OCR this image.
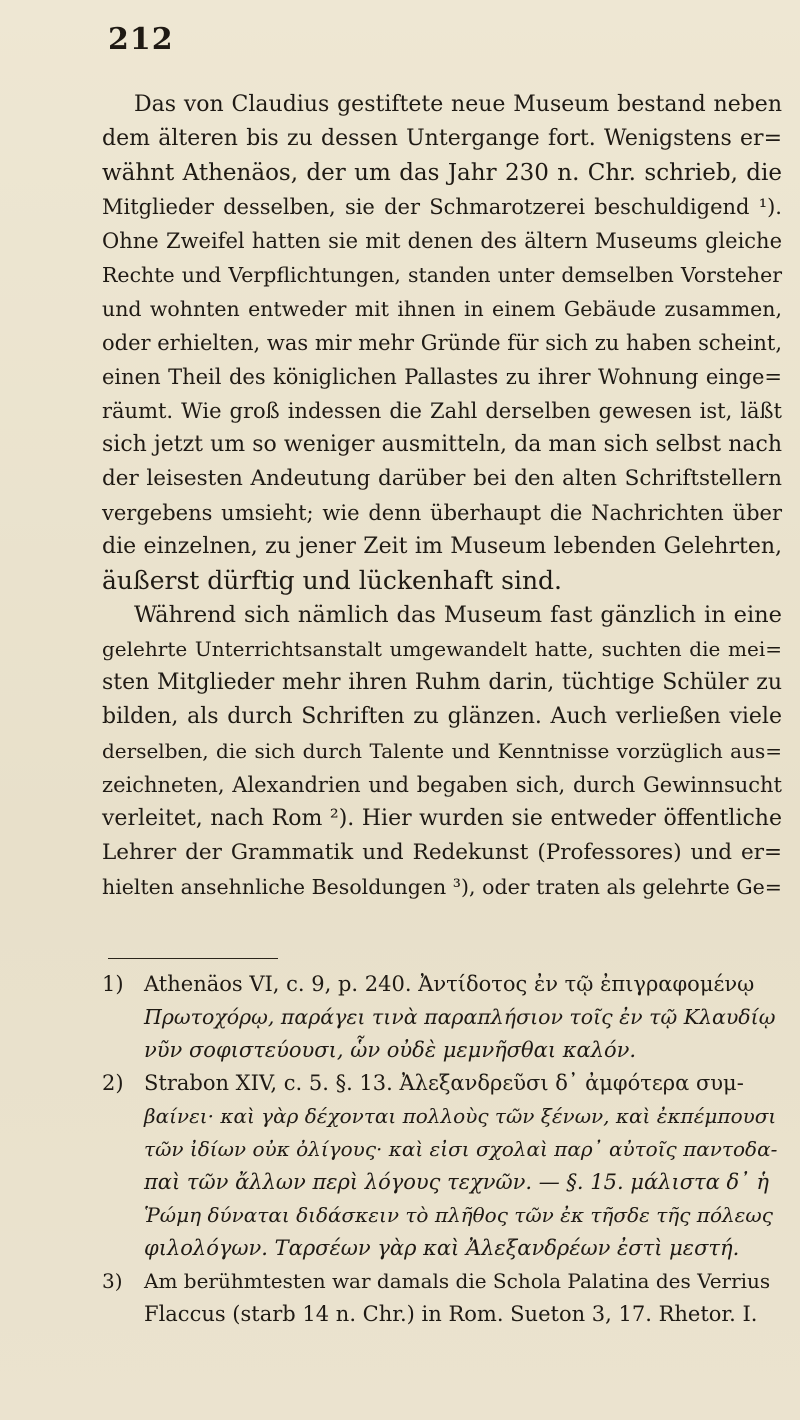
212
Das von Claudius gestiftete neue Museum bestand neben
dem älteren bis zu dessen Untergange fort. Wenigstens er=
wähnt Athenäos, der um das Jahr 230 n. Chr. schrieb, die
Mitglieder desselben, sie der Schmarotzerei beschuldigend ¹).
Ohne Zweifel hatten sie mit denen des ältern Museums gleiche
Rechte und Verpflichtungen, standen unter demselben Vorsteher
und wohnten entweder mit ihnen in einem Gebäude zusammen,
oder erhielten, was mir mehr Gründe für sich zu haben scheint,
einen Theil des königlichen Pallastes zu ihrer Wohnung einge=
räumt. Wie groß indessen die Zahl derselben gewesen ist, läßt
sich jetzt um so weniger ausmitteln, da man sich selbst nach
der leisesten Andeutung darüber bei den alten Schriftstellern
vergebens umsieht; wie denn überhaupt die Nachrichten über
die einzelnen, zu jener Zeit im Museum lebenden Gelehrten,
äußerst dürftig und lückenhaft sind.
Während sich nämlich das Museum fast gänzlich in eine
gelehrte Unterrichtsanstalt umgewandelt hatte, suchten die mei=
sten Mitglieder mehr ihren Ruhm darin, tüchtige Schüler zu
bilden, als durch Schriften zu glänzen. Auch verließen viele
derselben, die sich durch Talente und Kenntnisse vorzüglich aus=
zeichneten, Alexandrien und begaben sich, durch Gewinnsucht
verleitet, nach Rom ²). Hier wurden sie entweder öffentliche
Lehrer der Grammatik und Redekunst (Professores) und er=
hielten ansehnliche Besoldungen ³), oder traten als gelehrte Ge=
1) Athenäos VI, c. 9, p. 240. Ἀντίδοτος ἐν τῷ ἐπιγραφομένῳ
Πρωτοχόρῳ, παράγει τινὰ παραπλήσιον τοῖς ἐν τῷ Κλαυδίῳ
νῦν σοφιστεύουσι, ὧν οὐδὲ μεμνῆσθαι καλόν.
2) Strabon XIV, c. 5. §. 13. Ἀλεξανδρεῦσι δ᾽ ἀμφότερα συμ-
βαίνει· καὶ γὰρ δέχονται πολλοὺς τῶν ξένων, καὶ ἐκπέμπουσι
τῶν ἰδίων οὐκ ὀλίγους· καὶ εἰσι σχολαὶ παρ᾽ αὐτοῖς παντοδα-
παὶ τῶν ἄλλων περὶ λόγους τεχνῶν. — §. 15. μάλιστα δ᾽ ἡ
Ῥώμη δύναται διδάσκειν τὸ πλῆθος τῶν ἐκ τῆσδε τῆς πόλεως
φιλολόγων. Ταρσέων γὰρ καὶ Ἀλεξανδρέων ἐστὶ μεστή.
3) Am berühmtesten war damals die Schola Palatina des Verrius
Flaccus (starb 14 n. Chr.) in Rom. Sueton 3, 17. Rhetor. I.
